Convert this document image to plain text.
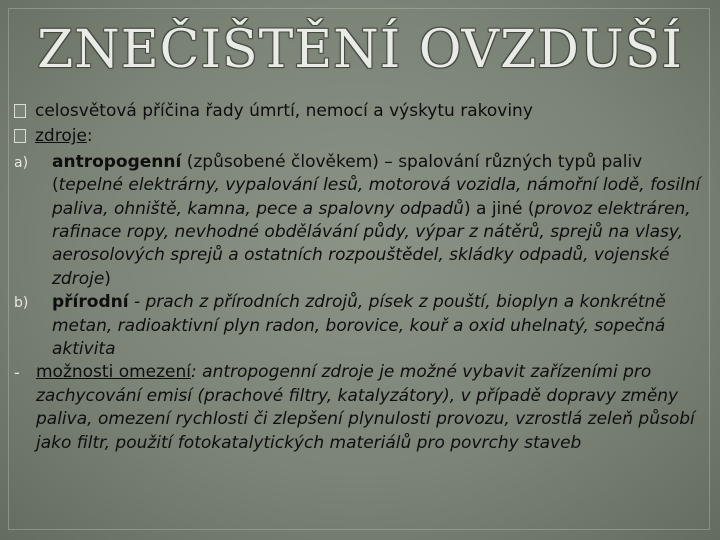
ZNEČIŠTĚNÍ OVZDUŠÍ
celosvětová příčina řady úmrtí, nemocí a výskytu rakoviny
zdroje:
a)	antropogenní (způsobené člověkem) – spalování různých typů paliv (tepelné elektrárny, vypalování lesů, motorová vozidla, námořní lodě, fosilní paliva, ohniště, kamna, pece a spalovny odpadů) a jiné (provoz elektráren, rafinace ropy, nevhodné obdělávání půdy, výpar z nátěrů, sprejů na vlasy, aerosolových sprejů a ostatních rozpouštědel, skládky odpadů, vojenské zdroje)
b)	přírodní - prach z přírodních zdrojů, písek z pouští, bioplyn a konkrétně metan, radioaktivní plyn radon, borovice, kouř a oxid uhelnatý, sopečná aktivita
- možnosti omezení: antropogenní zdroje je možné vybavit zařízeními pro zachycování emisí (prachové filtry, katalyzátory), v případě dopravy změny paliva, omezení rychlosti či zlepšení plynulosti provozu, vzrostlá zeleň působí jako filtr, použití fotokatalytických materiálů pro povrchy staveb
